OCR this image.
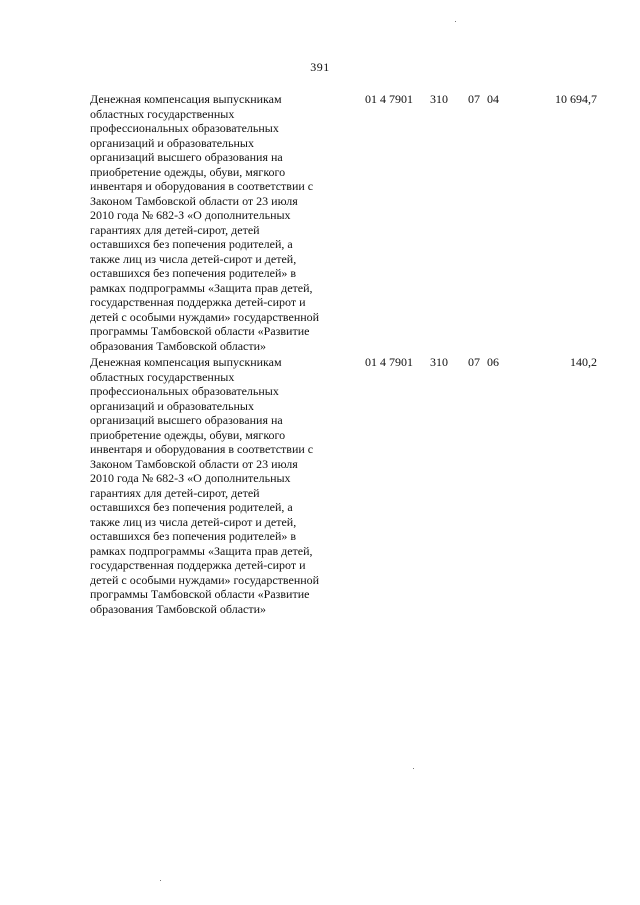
391
Денежная компенсация выпускникам
областных государственных
профессиональных образовательных
организаций и образовательных
организаций высшего образования на
приобретение одежды, обуви, мягкого
инвентаря и оборудования в соответствии с
Законом Тамбовской области от 23 июля
2010 года № 682-З «О дополнительных
гарантиях для детей-сирот, детей
оставшихся без попечения родителей, а
также лиц из числа детей-сирот и детей,
оставшихся без попечения родителей» в
рамках подпрограммы «Защита прав детей,
государственная поддержка детей-сирот и
детей с особыми нуждами» государственной
программы Тамбовской области «Развитие
образования Тамбовской области»
01 4 7901 310 07 04	10 694,7
Денежная компенсация выпускникам
областных государственных
профессиональных образовательных
организаций и образовательных
организаций высшего образования на
приобретение одежды, обуви, мягкого
инвентаря и оборудования в соответствии с
Законом Тамбовской области от 23 июля
2010 года № 682-З «О дополнительных
гарантиях для детей-сирот, детей
оставшихся без попечения родителей, а
также лиц из числа детей-сирот и детей,
оставшихся без попечения родителей» в
рамках подпрограммы «Защита прав детей,
государственная поддержка детей-сирот и
детей с особыми нуждами» государственной
программы Тамбовской области «Развитие
образования Тамбовской области»
01 4 7901 310 07 06	140,2
